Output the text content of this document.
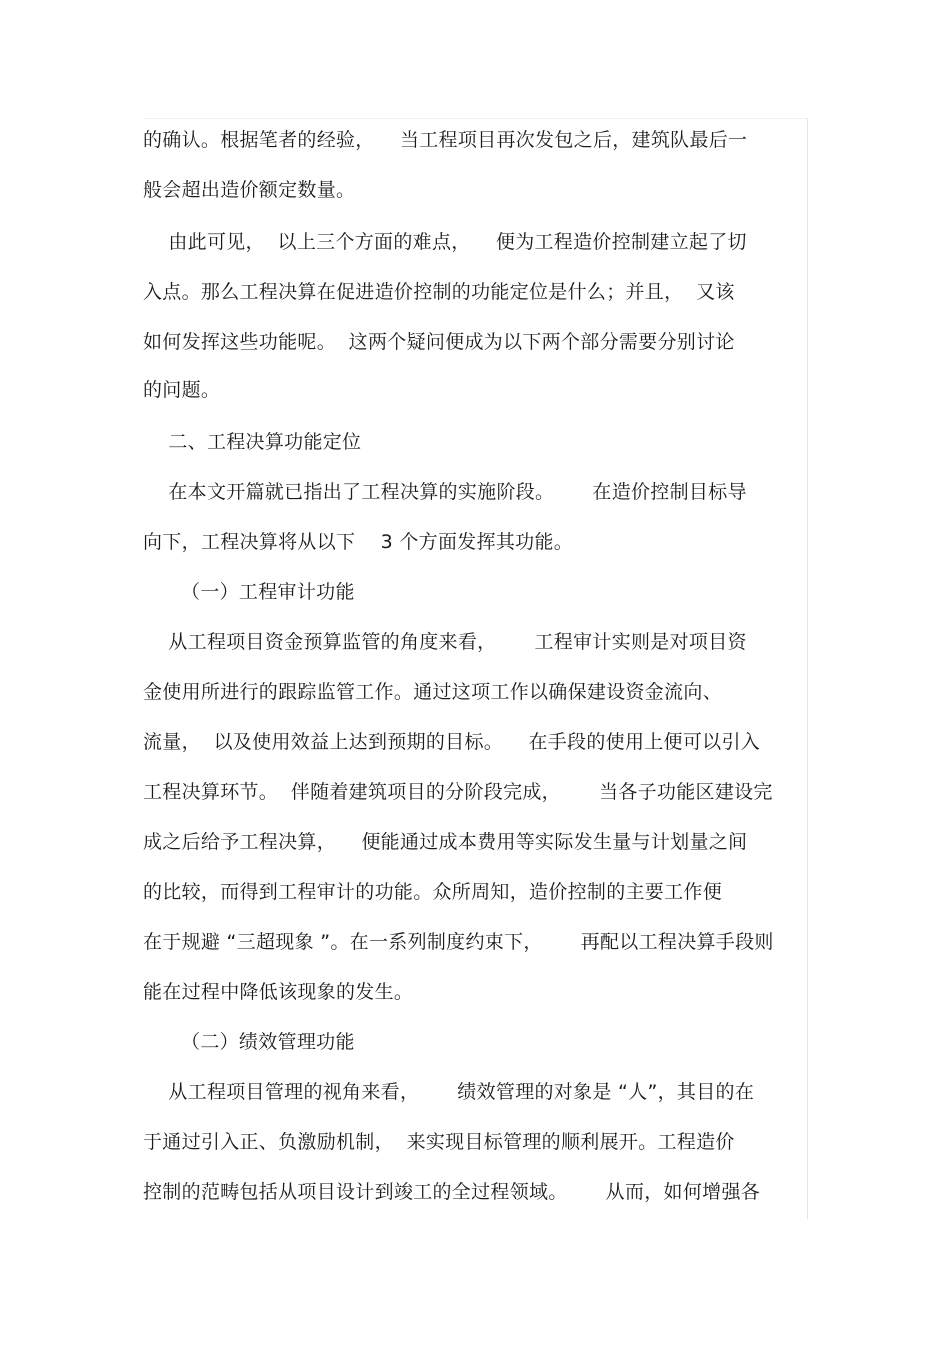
的确认。根据笔者的经验，    当工程项目再次发包之后，建筑队最后一
般会超出造价额定数量。
由此可见，  以上三个方面的难点，    便为工程造价控制建立起了切
入点。那么工程决算在促进造价控制的功能定位是什么；并且，  又该
如何发挥这些功能呢。  这两个疑问便成为以下两个部分需要分别讨论
的问题。
二、工程决算功能定位
在本文开篇就已指出了工程决算的实施阶段。      在造价控制目标导
向下，工程决算将从以下    3 个方面发挥其功能。
（一）工程审计功能
从工程项目资金预算监管的角度来看，      工程审计实则是对项目资
金使用所进行的跟踪监管工作。通过这项工作以确保建设资金流向、
流量，  以及使用效益上达到预期的目标。    在手段的使用上便可以引入
工程决算环节。  伴随着建筑项目的分阶段完成，      当各子功能区建设完
成之后给予工程决算，    便能通过成本费用等实际发生量与计划量之间
的比较，而得到工程审计的功能。众所周知，造价控制的主要工作便
在于规避 “三超现象 ”。在一系列制度约束下，      再配以工程决算手段则
能在过程中降低该现象的发生。
（二）绩效管理功能
从工程项目管理的视角来看，      绩效管理的对象是 “人”，其目的在
于通过引入正、负激励机制，  来实现目标管理的顺利展开。工程造价
控制的范畴包括从项目设计到竣工的全过程领域。      从而，如何增强各
